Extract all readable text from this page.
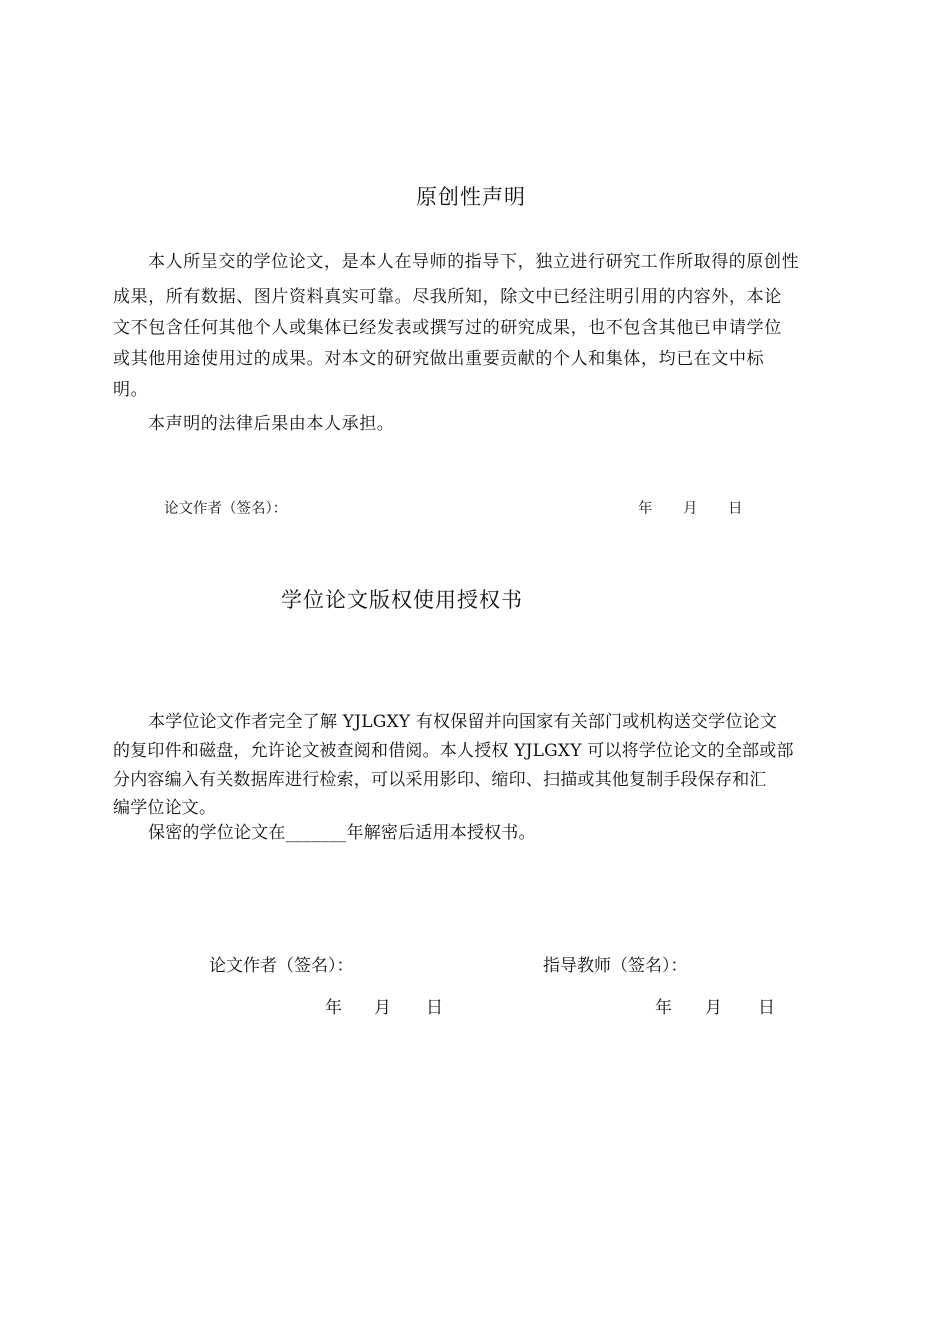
原创性声明
本人所呈交的学位论文，是本人在导师的指导下，独立进行研究工作所取得的原创性
成果，所有数据、图片资料真实可靠。尽我所知，除文中已经注明引用的内容外，本论
文不包含任何其他个人或集体已经发表或撰写过的研究成果，也不包含其他已申请学位
或其他用途使用过的成果。对本文的研究做出重要贡献的个人和集体，均已在文中标
明。
本声明的法律后果由本人承担。
论文作者（签名）：	年 月 日
学位论文版权使用授权书
本学位论文作者完全了解 YJLGXY 有权保留并向国家有关部门或机构送交学位论文
的复印件和磁盘，允许论文被查阅和借阅。本人授权 YJLGXY 可以将学位论文的全部或部
分内容编入有关数据库进行检索，可以采用影印、缩印、扫描或其他复制手段保存和汇
编学位论文。
保密的学位论文在_______年解密后适用本授权书。
论文作者（签名）：	指导教师（签名）：
年 月 日	年 月 日
